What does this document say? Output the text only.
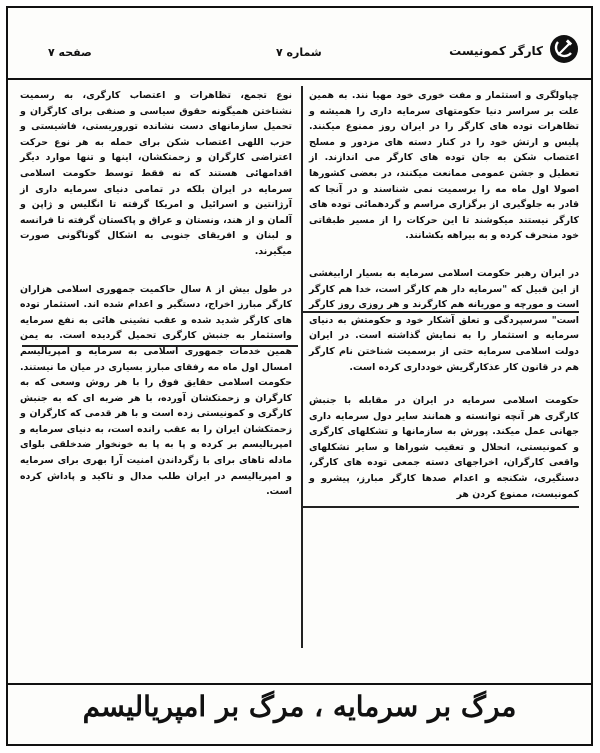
کارگر کمونیست
شماره ۷
صفحه ۷

چپاولگری و استثمار و مفت خوری خود مهیا نند. به همین علت بر سراسر دنیا حکومتهای سرمایه داری را همیشه و تظاهرات توده های کارگر را در ایران روز ممنوع میکنند. پلیس و ارتش خود را در کنار دسته های مزدور و مسلح اعتصاب شکن به جان توده های کارگر می اندازند. از تعطیل و جشن عمومی ممانعت میکنند، در بعضی کشورها اصولا اول ماه مه را برسمیت نمی شناسند و در آنجا که قادر به جلوگیری از برگزاری مراسم و گردهمائی توده های کارگر نیستند میکوشند تا این حرکات را از مسیر طبقاتی خود منحرف کرده و به بیراهه بکشانند.

در ایران رهبر حکومت اسلامی سرمایه به بسیار ارابیغشی از این قبیل که "سرمایه دار هم کارگر است، خدا هم کارگر است و مورچه و موریانه هم کارگرند و هر روزی روز کارگر است" سرسپردگی و تعلق آشکار خود و حکومتش به دنیای سرمایه و استثمار را به نمایش گذاشته است. در ایران دولت اسلامی سرمایه حتی از برسمیت شناختن نام کارگر هم در قانون کار عذکارگریش خودداری کرده است.

حکومت اسلامی سرمایه در ایران در مقابله با جنبش کارگری هر آنچه توانسته و همانند سایر دول سرمایه داری جهانی عمل میکند. پورش به سازمانها و تشکلهای کارگری و کمونیستی، انحلال و تعقیب شوراها و سایر تشکلهای واقعی کارگران، اخراجهای دسته جمعی توده های کارگر، دستگیری، شکنجه و اعدام صدها کارگر مبارز، پیشرو و کمونیست، ممنوع کردن هر

نوع تجمع، تظاهرات و اعتصاب کارگری، به رسمیت نشناختن همیگونه حقوق سیاسی و صنفی برای کارگران و تحمیل سازمانهای دست نشانده توروریستی، فاشیستی و حزب اللهی اعتصاب شکن برای حمله به هر نوع حرکت اعتراضی کارگران و زحمتکشان، اینها و تنها موارد دیگر اقدامهائی هستند که نه فقط توسط حکومت اسلامی سرمایه در ایران بلکه در تمامی دنیای سرمایه داری از آرژانتین و اسرائیل و امریکا گرفته تا انگلیس و ژاپن و آلمان و از هند، ونستان و عراق و پاکستان گرفته تا فرانسه و لبنان و افریقای جنوبی به اشکال گوناگونی صورت میگیرند.

در طول بیش از ۸ سال حاکمیت جمهوری اسلامی هزاران کارگر مبارز اخراج، دستگیر و اعدام شده اند. استثمار توده های کارگر شدید شده و عقب نشینی هائی به نفع سرمایه واستثمار به جنبش کارگری تحمیل گردیده است. به یمن همین خدمات جمهوری اسلامی به سرمایه و امپریالیسم امسال اول ماه مه رفقای مبارز بسیاری در میان ما نیستند. حکومت اسلامی حقایق فوق را با هر روش وسعی که به کارگران و زحمتکشان آورده، با هر ضربه ای که به جنبش کارگری و کمونیستی زده است و با هر قدمی که کارگران و زحمتکشان ایران را به عقب رانده است، به دنیای سرمایه و امپریالیسم بر کرده و پا به پا به خونخوار ضدخلقی بلوای مادله تاهای برای با زگرداندن امنیت آرا بهری برای سرمایه و امپریالیسم در ایران طلب مدال و تاکید و پاداش کرده است.

مرگ بر سرمایه ، مرگ بر امپریالیسم
